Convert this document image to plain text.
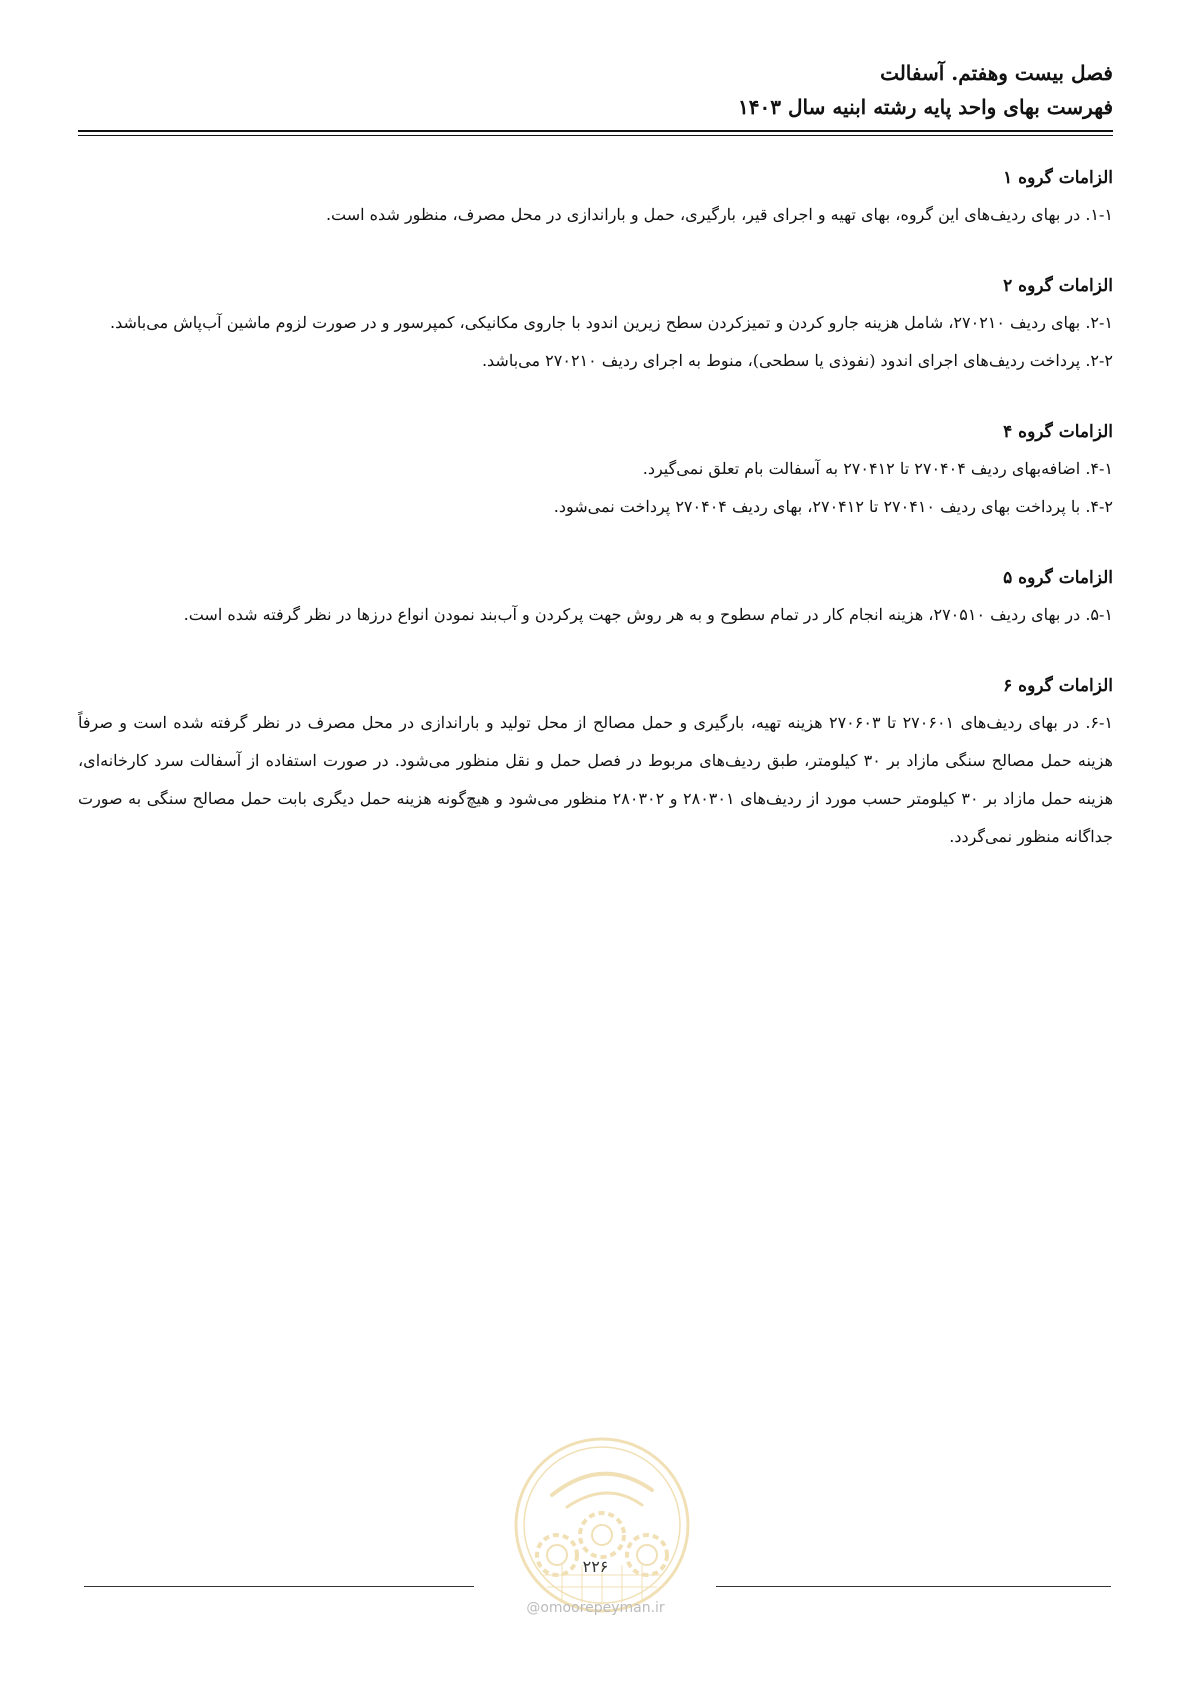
فصل بیست وهفتم. آسفالت
فهرست بهای واحد پایه رشته ابنیه سال ۱۴۰۳
الزامات گروه ۱

۱-۱. در بهای ردیف‌های این گروه، بهای تهیه و اجرای قیر، بارگیری، حمل و باراندازی در محل مصرف، منظور شده است.

الزامات گروه ۲

۲-۱. بهای ردیف ۲۷۰۲۱۰، شامل هزینه جارو کردن و تمیزکردن سطح زیرین اندود با جاروی مکانیکی، کمپرسور و در صورت لزوم ماشین آب‌پاش می‌باشد.

۲-۲. پرداخت ردیف‌های اجرای اندود (نفوذی یا سطحی)، منوط به اجرای ردیف ۲۷۰۲۱۰ می‌باشد.

الزامات گروه ۴

۴-۱. اضافه‌بهای ردیف ۲۷۰۴۰۴ تا ۲۷۰۴۱۲ به آسفالت بام تعلق نمی‌گیرد.

۴-۲. با پرداخت بهای ردیف ۲۷۰۴۱۰ تا ۲۷۰۴۱۲، بهای ردیف ۲۷۰۴۰۴ پرداخت نمی‌شود.

الزامات گروه ۵

۵-۱. در بهای ردیف ۲۷۰۵۱۰، هزینه انجام کار در تمام سطوح و به هر روش جهت پرکردن و آب‌بند نمودن انواع درزها در نظر گرفته شده است.

الزامات گروه ۶

۶-۱. در بهای ردیف‌های ۲۷۰۶۰۱ تا ۲۷۰۶۰۳ هزینه تهیه، بارگیری و حمل مصالح از محل تولید و باراندازی در محل مصرف در نظر گرفته شده است و صرفاً هزینه حمل مصالح سنگی مازاد بر ۳۰ کیلومتر، طبق ردیف‌های مربوط در فصل حمل و نقل منظور می‌شود. در صورت استفاده از آسفالت سرد کارخانه‌ای، هزینه حمل مازاد بر ۳۰ کیلومتر حسب مورد از ردیف‌های ۲۸۰۳۰۱ و ۲۸۰۳۰۲ منظور می‌شود و هیچ‌گونه هزینه حمل دیگری بابت حمل مصالح سنگی به صورت جداگانه منظور نمی‌گردد.

۲۲۶
@omoorepeyman.ir
